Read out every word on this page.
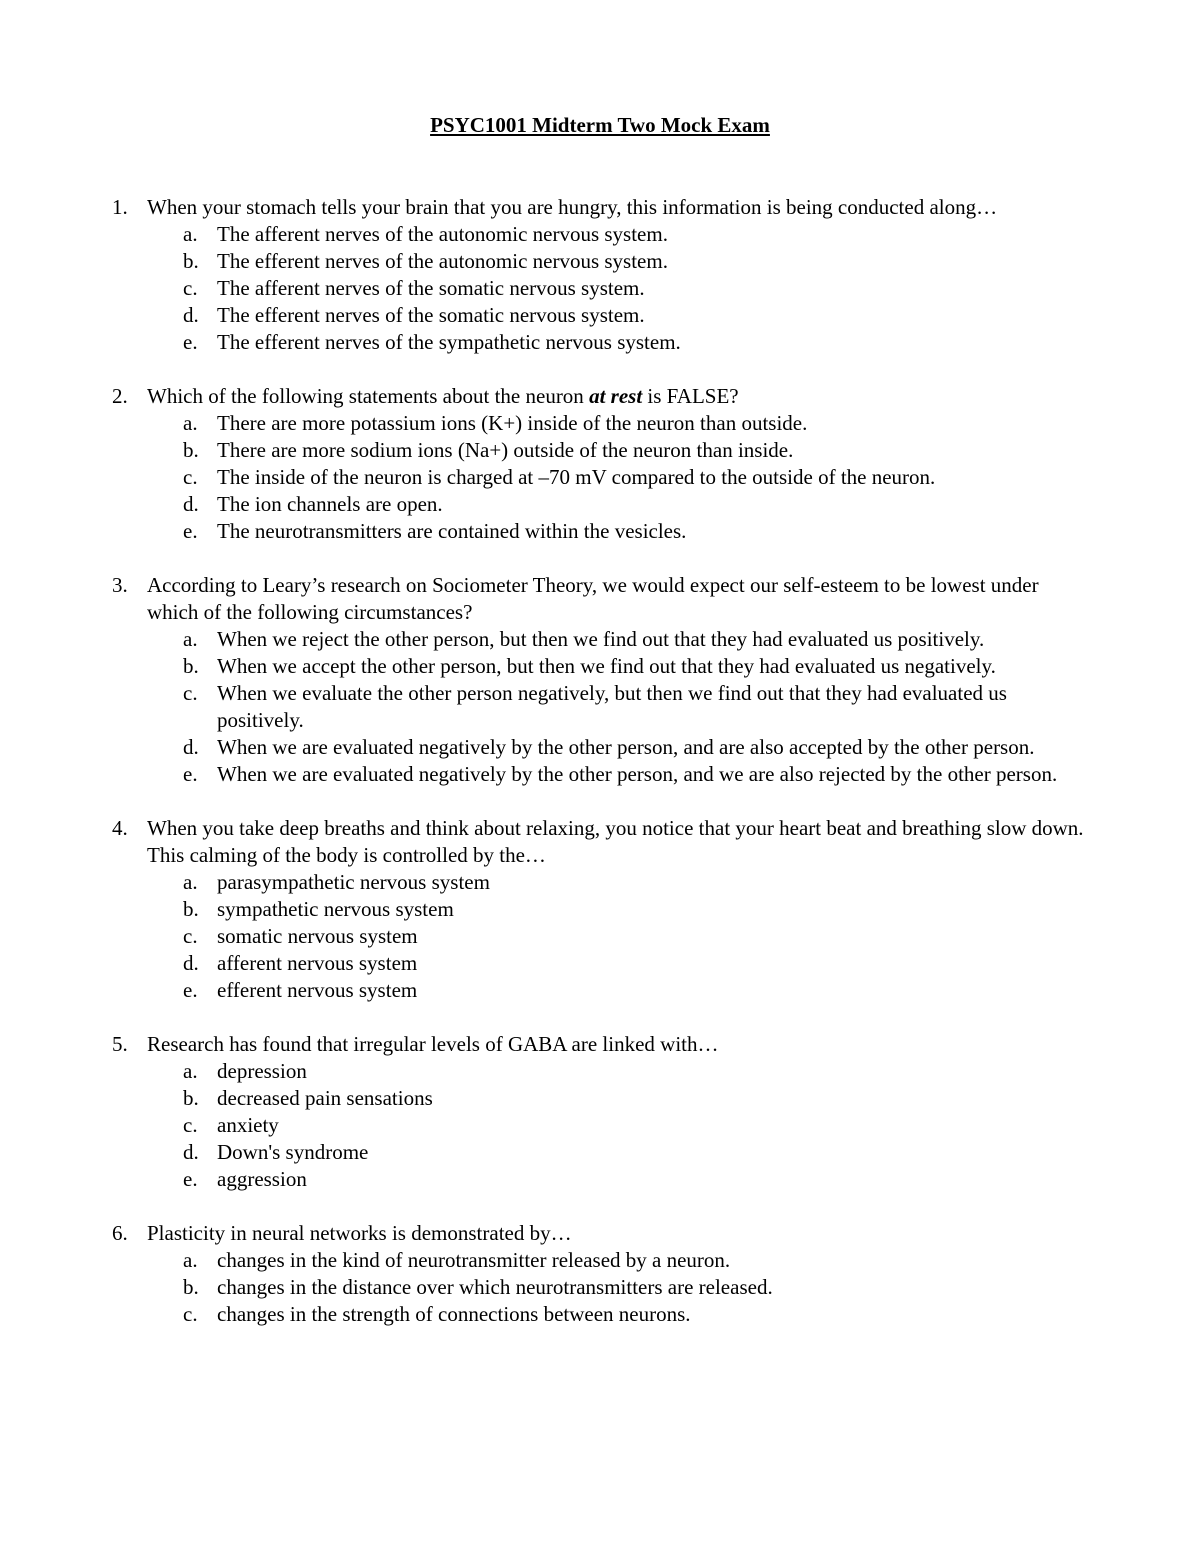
PSYC1001 Midterm Two Mock Exam
1. When your stomach tells your brain that you are hungry, this information is being conducted along…
a. The afferent nerves of the autonomic nervous system.
b. The efferent nerves of the autonomic nervous system.
c. The afferent nerves of the somatic nervous system.
d. The efferent nerves of the somatic nervous system.
e. The efferent nerves of the sympathetic nervous system.
2. Which of the following statements about the neuron at rest is FALSE?
a. There are more potassium ions (K+) inside of the neuron than outside.
b. There are more sodium ions (Na+) outside of the neuron than inside.
c. The inside of the neuron is charged at –70 mV compared to the outside of the neuron.
d. The ion channels are open.
e. The neurotransmitters are contained within the vesicles.
3. According to Leary’s research on Sociometer Theory, we would expect our self-esteem to be lowest under which of the following circumstances?
a. When we reject the other person, but then we find out that they had evaluated us positively.
b. When we accept the other person, but then we find out that they had evaluated us negatively.
c. When we evaluate the other person negatively, but then we find out that they had evaluated us positively.
d. When we are evaluated negatively by the other person, and are also accepted by the other person.
e. When we are evaluated negatively by the other person, and we are also rejected by the other person.
4. When you take deep breaths and think about relaxing, you notice that your heart beat and breathing slow down. This calming of the body is controlled by the…
a. parasympathetic nervous system
b. sympathetic nervous system
c. somatic nervous system
d. afferent nervous system
e. efferent nervous system
5. Research has found that irregular levels of GABA are linked with…
a. depression
b. decreased pain sensations
c. anxiety
d. Down's syndrome
e. aggression
6. Plasticity in neural networks is demonstrated by…
a. changes in the kind of neurotransmitter released by a neuron.
b. changes in the distance over which neurotransmitters are released.
c. changes in the strength of connections between neurons.
